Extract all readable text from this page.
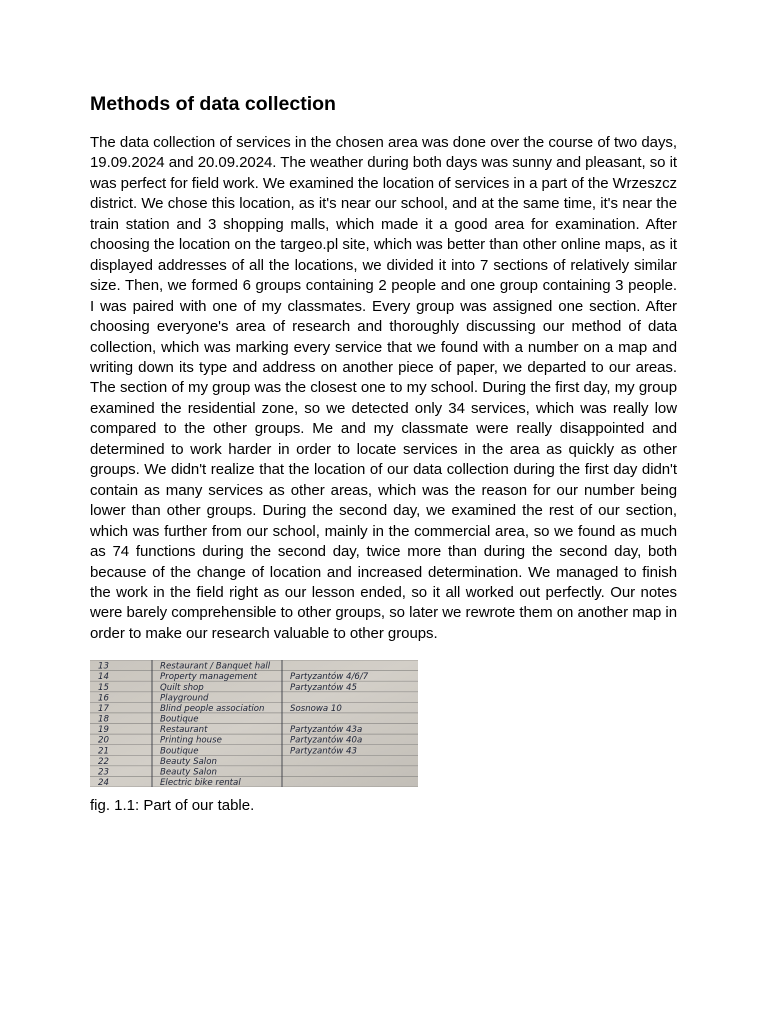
Methods of data collection

The data collection of services in the chosen area was done over the course of two days, 19.09.2024 and 20.09.2024. The weather during both days was sunny and pleasant, so it was perfect for field work. We examined the location of services in a part of the Wrzeszcz district. We chose this location, as it's near our school, and at the same time, it's near the train station and 3 shopping malls, which made it a good area for examination. After choosing the location on the targeo.pl site, which was better than other online maps, as it displayed addresses of all the locations, we divided it into 7 sections of relatively similar size. Then, we formed 6 groups containing 2 people and one group containing 3 people. I was paired with one of my classmates. Every group was assigned one section. After choosing everyone's area of research and thoroughly discussing our method of data collection, which was marking every service that we found with a number on a map and writing down its type and address on another piece of paper, we departed to our areas. The section of my group was the closest one to my school. During the first day, my group examined the residential zone, so we detected only 34 services, which was really low compared to the other groups. Me and my classmate were really disappointed and determined to work harder in order to locate services in the area as quickly as other groups. We didn't realize that the location of our data collection during the first day didn't contain as many services as other areas, which was the reason for our number being lower than other groups. During the second day, we examined the rest of our section, which was further from our school, mainly in the commercial area, so we found as much as 74 functions during the second day, twice more than during the second day, both because of the change of location and increased determination. We managed to finish the work in the field right as our lesson ended, so it all worked out perfectly. Our notes were barely comprehensible to other groups, so later we rewrote them on another map in order to make our research valuable to other groups.

13	Restaurant / Banquet hall
14	Property management	Partyzantów 4/6/7
15	Quilt shop	Partyzantów 45
16	Playground
17	Blind people association	Sosnowa 10
18	Boutique
19	Restaurant	Partyzantów 43a
20	Printing house	Partyzantów 40a
21	Boutique	Partyzantów 43
22	Beauty Salon
23	Beauty Salon
24	Electric bike rental
fig. 1.1: Part of our table.
